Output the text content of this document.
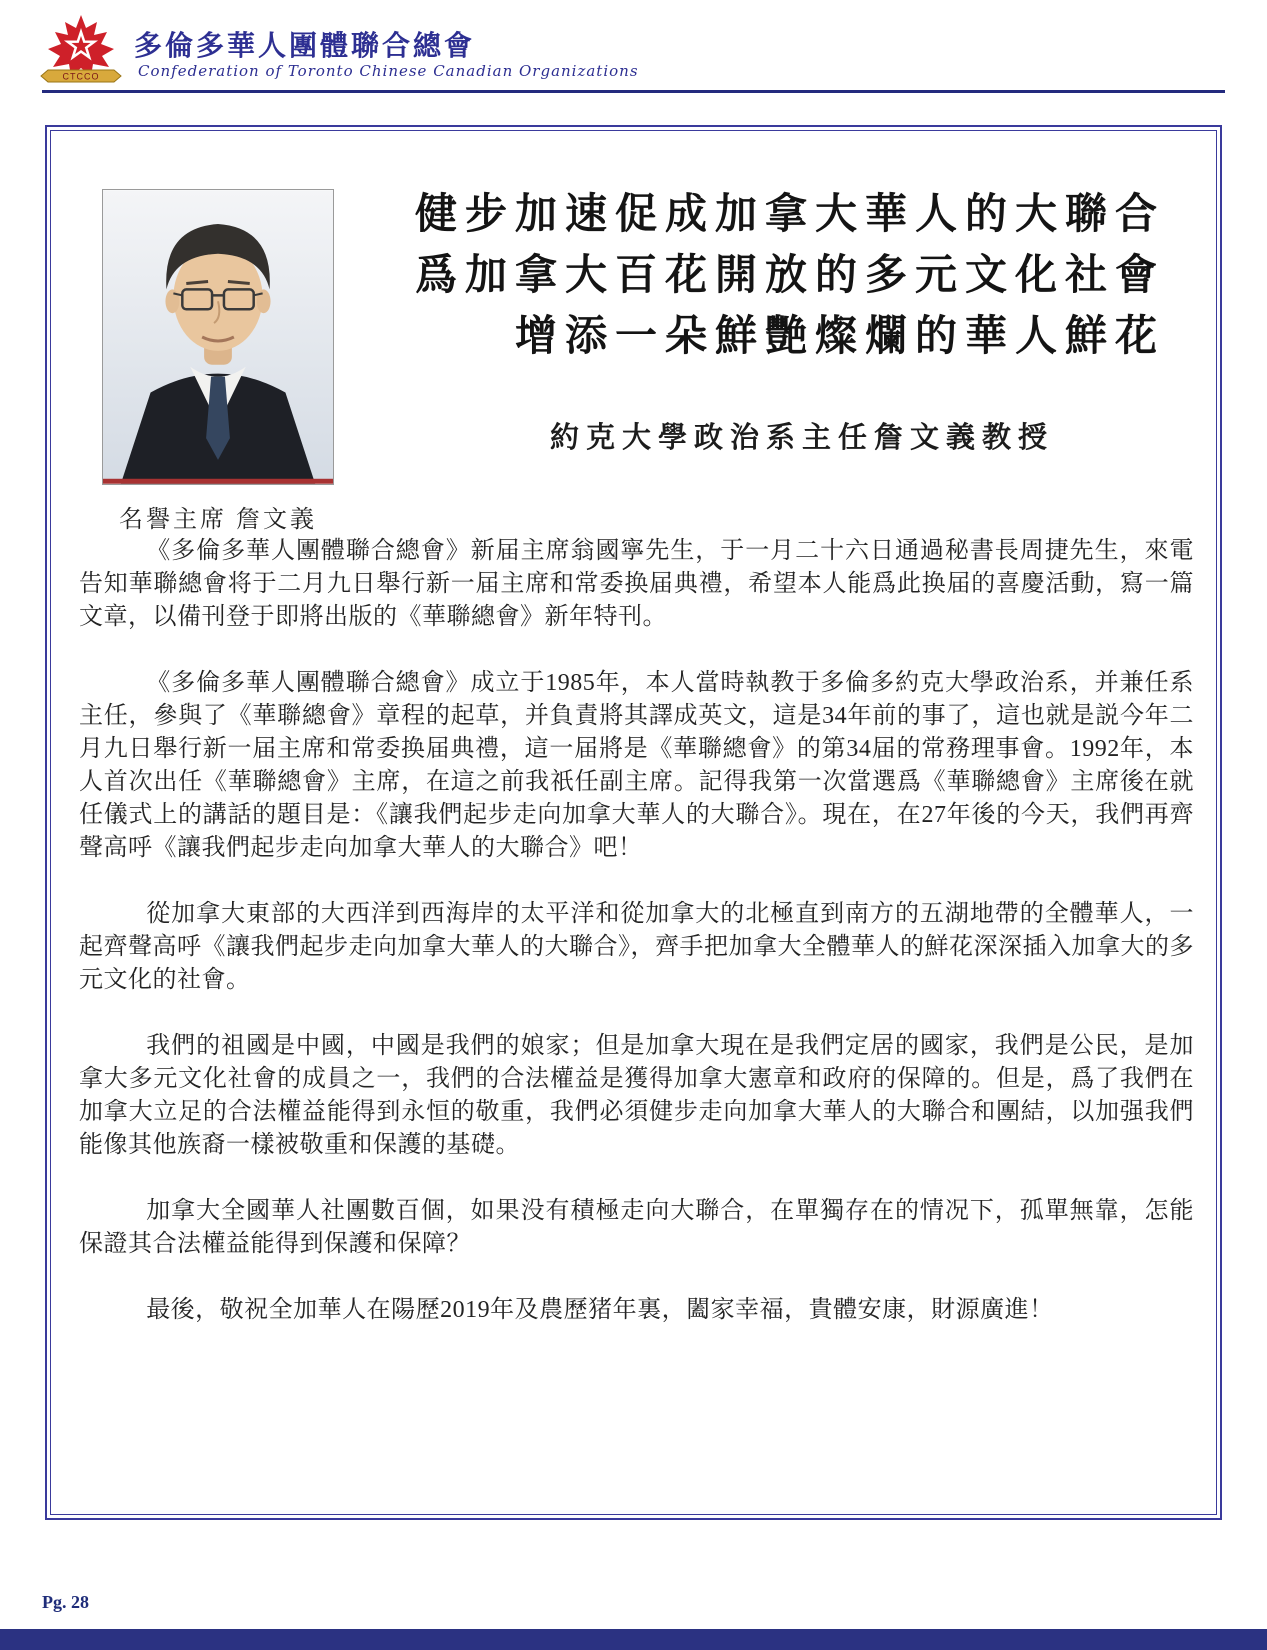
CTCCO
多倫多華人團體聯合總會
Confederation of Toronto Chinese Canadian Organizations
名譽主席 詹文義
健步加速促成加拿大華人的大聯合
爲加拿大百花開放的多元文化社會
增添一朵鮮艷燦爛的華人鮮花
約克大學政治系主任詹文義教授

《多倫多華人團體聯合總會》新届主席翁國寧先生，于一月二十六日通過秘書長周捷先生，來電告知華聯總會将于二月九日舉行新一届主席和常委换届典禮，希望本人能爲此换届的喜慶活動，寫一篇文章，以備刊登于即將出版的《華聯總會》新年特刊。

《多倫多華人團體聯合總會》成立于1985年，本人當時執教于多倫多約克大學政治系，并兼任系主任，參與了《華聯總會》章程的起草，并負責將其譯成英文，這是34年前的事了，這也就是説今年二月九日舉行新一届主席和常委换届典禮，這一届將是《華聯總會》的第34届的常務理事會。1992年，本人首次出任《華聯總會》主席，在這之前我祇任副主席。記得我第一次當選爲《華聯總會》主席後在就任儀式上的講話的題目是：《讓我們起步走向加拿大華人的大聯合》。現在，在27年後的今天，我們再齊聲高呼《讓我們起步走向加拿大華人的大聯合》吧！

從加拿大東部的大西洋到西海岸的太平洋和從加拿大的北極直到南方的五湖地帶的全體華人，一起齊聲高呼《讓我們起步走向加拿大華人的大聯合》，齊手把加拿大全體華人的鮮花深深插入加拿大的多元文化的社會。

我們的祖國是中國，中國是我們的娘家；但是加拿大現在是我們定居的國家，我們是公民，是加拿大多元文化社會的成員之一，我們的合法權益是獲得加拿大憲章和政府的保障的。但是，爲了我們在加拿大立足的合法權益能得到永恒的敬重，我們必須健步走向加拿大華人的大聯合和團結，以加强我們能像其他族裔一樣被敬重和保護的基礎。

加拿大全國華人社團數百個，如果没有積極走向大聯合，在單獨存在的情况下，孤單無靠，怎能保證其合法權益能得到保護和保障？

最後，敬祝全加華人在陽歷2019年及農歷猪年裏，闔家幸福，貴體安康，財源廣進！

Pg. 28
